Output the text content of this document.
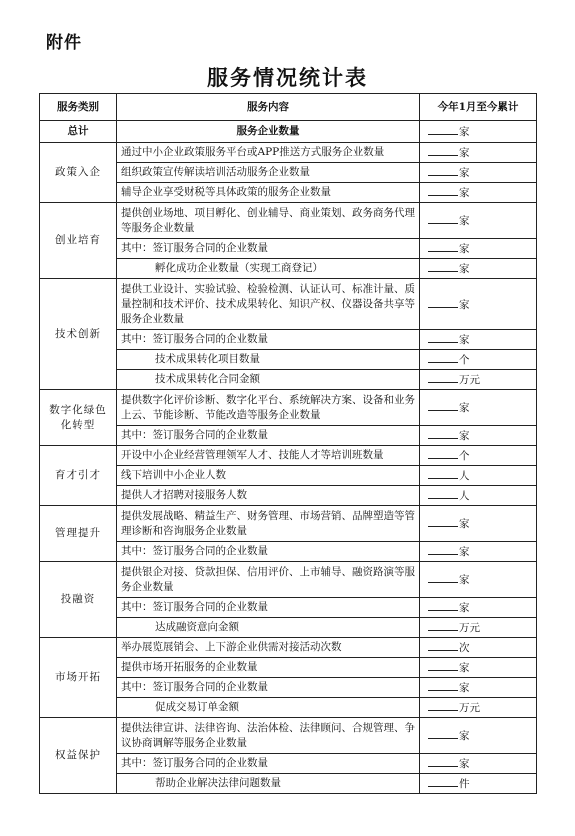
附件
服务情况统计表
服务类别	服务内容	今年1月至今累计
总计	服务企业数量	家
政策入企	通过中小企业政策服务平台或APP推送方式服务企业数量	家
	组织政策宣传解读培训活动服务企业数量	家
	辅导企业享受财税等具体政策的服务企业数量	家
创业培育	提供创业场地、项目孵化、创业辅导、商业策划、政务商务代理等服务企业数量	家
	其中：签订服务合同的企业数量	家
	孵化成功企业数量（实现工商登记）	家
技术创新	提供工业设计、实验试验、检验检测、认证认可、标准计量、质量控制和技术评价、技术成果转化、知识产权、仪器设备共享等服务企业数量	家
	其中：签订服务合同的企业数量	家
	技术成果转化项目数量	个
	技术成果转化合同金额	万元
数字化绿色化转型	提供数字化评价诊断、数字化平台、系统解决方案、设备和业务上云、节能诊断、节能改造等服务企业数量	家
	其中：签订服务合同的企业数量	家
育才引才	开设中小企业经营管理领军人才、技能人才等培训班数量	个
	线下培训中小企业人数	人
	提供人才招聘对接服务人数	人
管理提升	提供发展战略、精益生产、财务管理、市场营销、品牌塑造等管理诊断和咨询服务企业数量	家
	其中：签订服务合同的企业数量	家
投融资	提供银企对接、贷款担保、信用评价、上市辅导、融资路演等服务企业数量	家
	其中：签订服务合同的企业数量	家
	达成融资意向金额	万元
市场开拓	举办展览展销会、上下游企业供需对接活动次数	次
	提供市场开拓服务的企业数量	家
	其中：签订服务合同的企业数量	家
	促成交易订单金额	万元
权益保护	提供法律宣讲、法律咨询、法治体检、法律顾问、合规管理、争议协商调解等服务企业数量	家
	其中：签订服务合同的企业数量	家
	帮助企业解决法律问题数量	件
